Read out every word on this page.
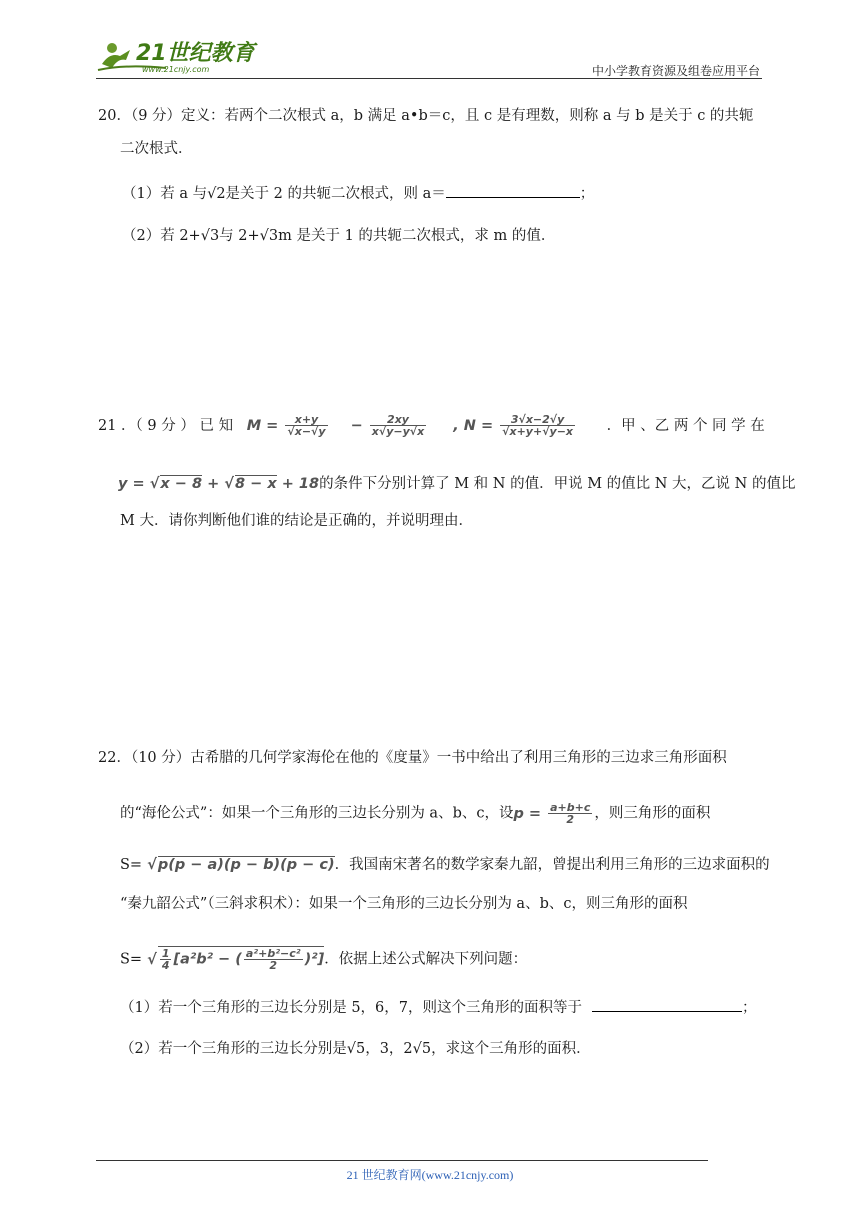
21世纪教育
www.21cnjy.com	中小学教育资源及组卷应用平台
20．（9 分）定义：若两个二次根式 a，b 满足 a•b＝c，且 c 是有理数，则称 a 与 b 是关于 c 的共轭
二次根式．
（1）若 a 与√2是关于 2 的共轭二次根式，则 a＝	；
（2）若 2+√3与 2+√3m 是关于 1 的共轭二次根式，求 m 的值．
21 ．（ 9 分 ） 已 知 $M = \frac{x+y}{√x-√y} - \frac{2xy}{x√y-y√x}$ , $N = \frac{3√x-2√y}{√x+y+√y-x}$ ．甲 、乙 两 个 同 学 在
y = √x − 8 + √8 − x + 18的条件下分别计算了 M 和 N 的值．甲说 M 的值比 N 大，乙说 N 的值比
M 大．请你判断他们谁的结论是正确的，并说明理由．
22．（10 分）古希腊的几何学家海伦在他的《度量》一书中给出了利用三角形的三边求三角形面积
的“海伦公式”：如果一个三角形的三边长分别为 a、b、c，设$p = \frac{a+b+c}{2}$ ，则三角形的面积
S= √p(p − a)(p − b)(p − c)．我国南宋著名的数学家秦九韶，曾提出利用三角形的三边求面积的
“秦九韶公式”（三斜求积术）：如果一个三角形的三边长分别为 a、b、c，则三角形的面积
S= √ $\frac{1}{4} [a^2b^2$ − ( $\frac{\text{a²+b²−c²}}{2} )^2$]．依据上述公式解决下列问题：
（1）若一个三角形的三边长分别是 5，6，7，则这个三角形的面积等于	；
（2）若一个三角形的三边长分别是√5，3，2√5，求这个三角形的面积．
21 世纪教育网(www.21cnjy.com)
